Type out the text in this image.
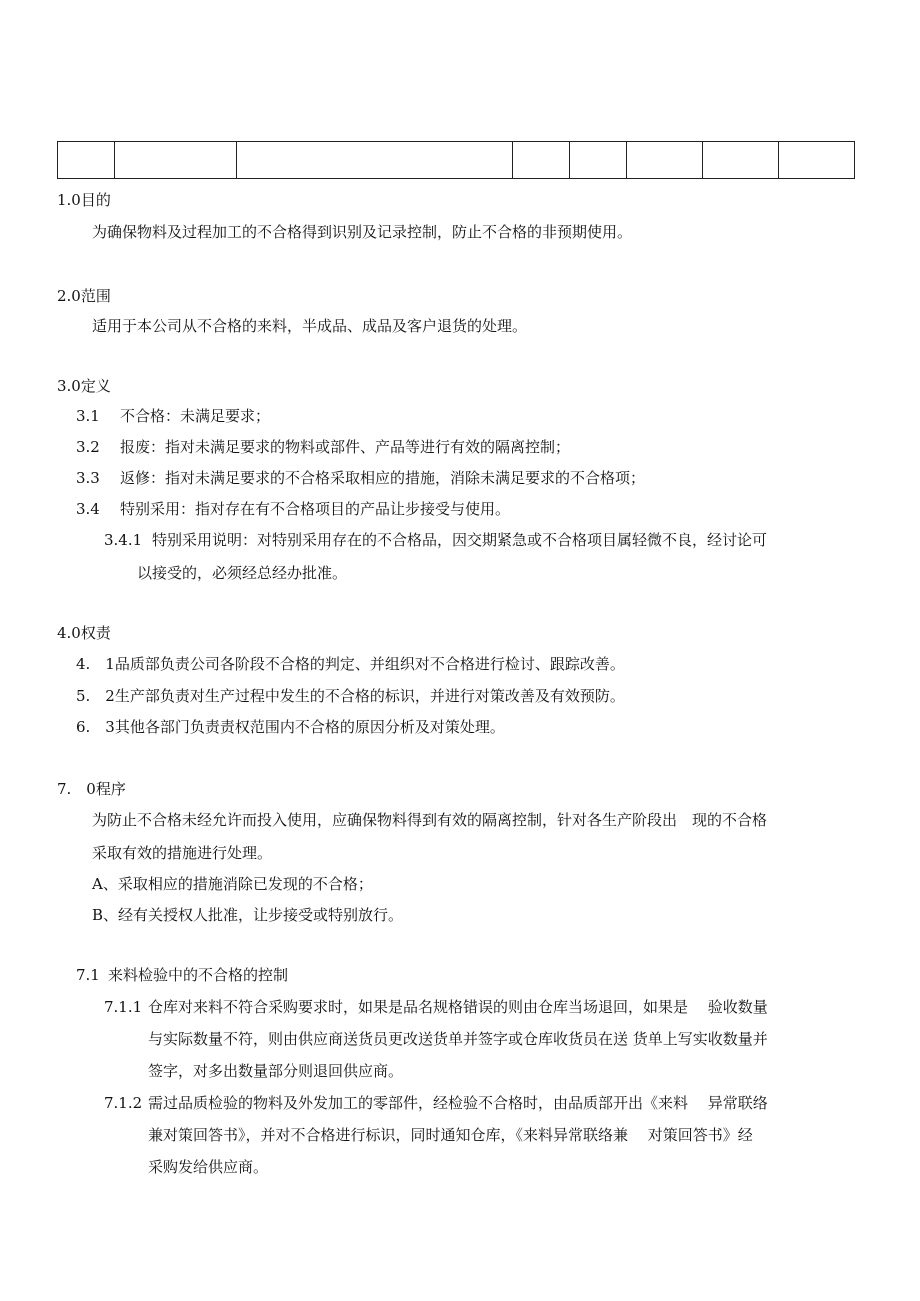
1.0目的
为确保物料及过程加工的不合格得到识别及记录控制，防止不合格的非预期使用。
2.0范围
适用于本公司从不合格的来料，半成品、成品及客户退货的处理。
3.0定义
3.1 不合格：未满足要求；
3.2 报废：指对未满足要求的物料或部件、产品等进行有效的隔离控制；
3.3 返修：指对未满足要求的不合格采取相应的措施，消除未满足要求的不合格项；
3.4 特别采用：指对存在有不合格项目的产品让步接受与使用。
3.4.1 特别采用说明：对特别采用存在的不合格品，因交期紧急或不合格项目属轻微不良，经讨论可
以接受的，必须经总经办批准。
4.0权责
4.　1品质部负责公司各阶段不合格的判定、并组织对不合格进行检讨、跟踪改善。
5.　2生产部负责对生产过程中发生的不合格的标识，并进行对策改善及有效预防。
6.　3其他各部门负责责权范围内不合格的原因分析及对策处理。
7.　0程序
为防止不合格未经允许而投入使用，应确保物料得到有效的隔离控制，针对各生产阶段出　现的不合格
采取有效的措施进行处理。
A、采取相应的措施消除已发现的不合格；
B、经有关授权人批准，让步接受或特别放行。
7.1 来料检验中的不合格的控制
7.1.1 仓库对来料不符合采购要求时，如果是品名规格错误的则由仓库当场退回，如果是　 验收数量
与实际数量不符，则由供应商送货员更改送货单并签字或仓库收货员在送 货单上写实收数量并
签字，对多出数量部分则退回供应商。
7.1.2 需过品质检验的物料及外发加工的零部件，经检验不合格时，由品质部开出《来料　 异常联络
兼对策回答书》，并对不合格进行标识，同时通知仓库，《来料异常联络兼　 对策回答书》经
采购发给供应商。
